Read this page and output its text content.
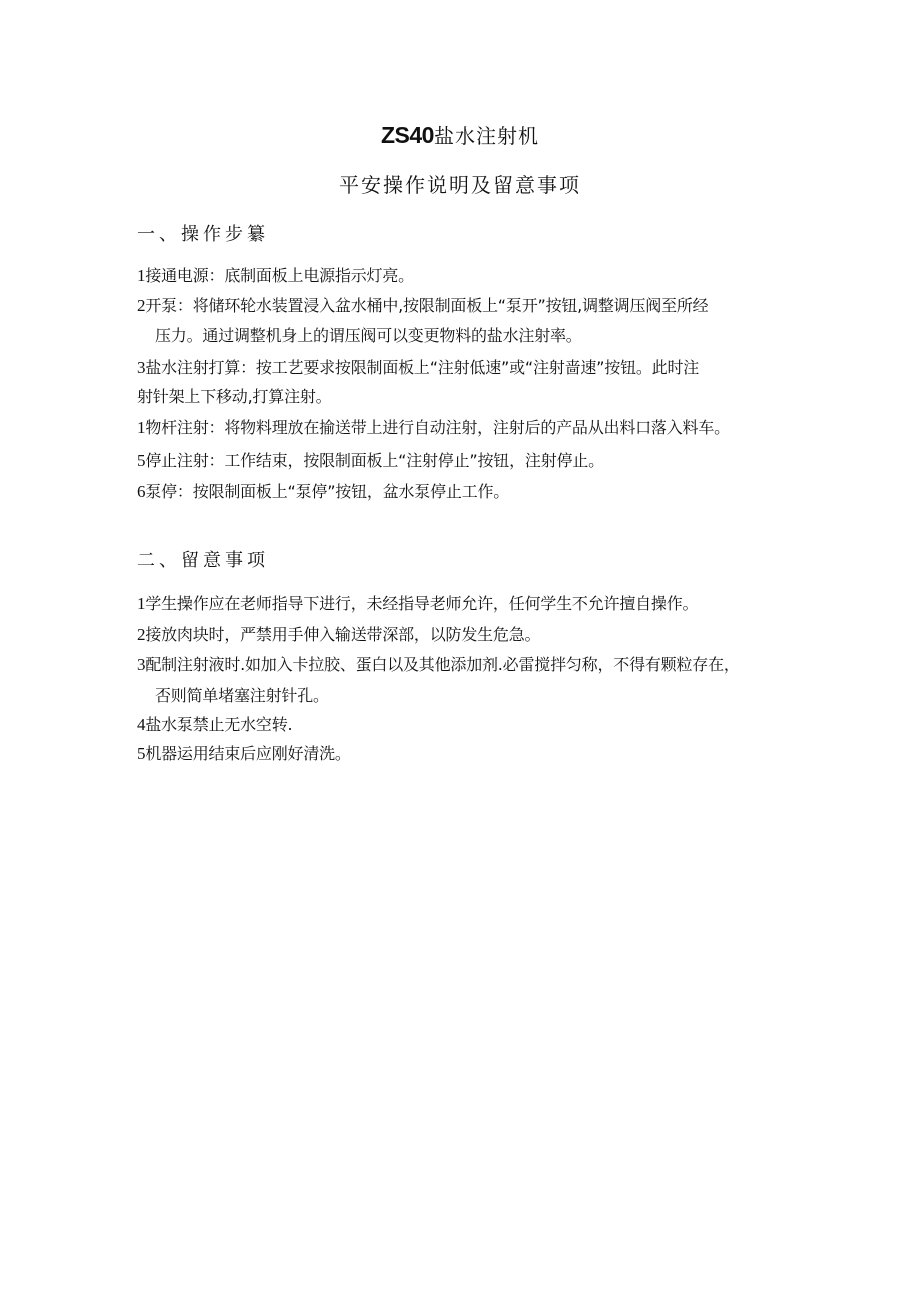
ZS40盐水注射机
平安操作说明及留意事项
一、操作步纂
1接通电源：底制面板上电源指示灯亮。
2开泵：将储环轮水装置浸入盆水桶中,按限制面板上“泵开”按钮,调整调压阀至所经
压力。通过调整机身上的谓压阀可以变更物料的盐水注射率。
3盐水注射打算：按工艺要求按限制面板上“注射低速”或“注射啬速”按钮。此时注
射针架上下移动,打算注射。
1物杆注射：将物料理放在揄送带上进行自动注射，注射后的产品从出料口落入料车。
5停止注射：工作结束，按限制面板上“注射停止”按钮，注射停止。
6泵停：按限制面板上“泵停”按钮，盆水泵停止工作。
二、留意事项
1学生操作应在老师指导下进行，未经指导老师允许，任何学生不允许擅自操作。
2接放肉块时，严禁用手伸入输送带深部，以防发生危急。
3配制注射液时.如加入卡拉胶、蛋白以及其他添加剂.必雷搅拌匀称，不得有颗粒存在，
否则简单堵塞注射针孔。
4盐水泵禁止无水空转.
5机器运用结束后应刚好清洗。
